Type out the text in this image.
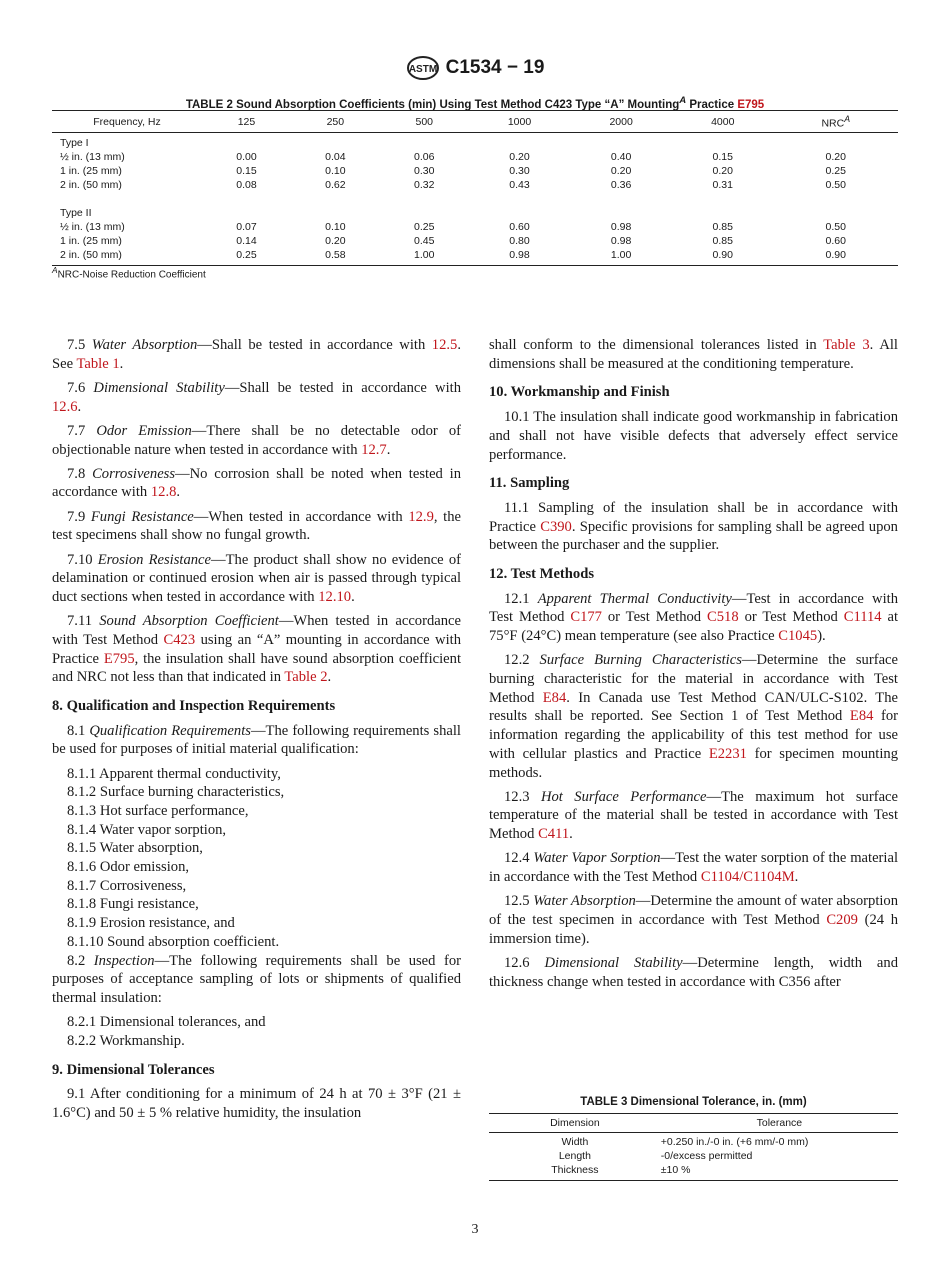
ASTM C1534 − 19
TABLE 2 Sound Absorption Coefficients (min) Using Test Method C423 Type “A” Mounting$^A$ Practice E795
Frequency, Hz	125	250	500	1000	2000	4000	$NRC^A$
Type I							
½ in. (13 mm)	0.00	0.04	0.06	0.20	0.40	0.15	0.20
1 in. (25 mm)	0.15	0.10	0.30	0.30	0.20	0.20	0.25
2 in. (50 mm)	0.08	0.62	0.32	0.43	0.36	0.31	0.50

Type II							
½ in. (13 mm)	0.07	0.10	0.25	0.60	0.98	0.85	0.50
1 in. (25 mm)	0.14	0.20	0.45	0.80	0.98	0.85	0.60
2 in. (50 mm)	0.25	0.58	1.00	0.98	1.00	0.90	0.90
$^A$NRC-Noise Reduction Coefficient

7.5 Water Absorption—Shall be tested in accordance with 12.5. See Table 1.

7.6 Dimensional Stability—Shall be tested in accordance with 12.6.

7.7 Odor Emission—There shall be no detectable odor of objectionable nature when tested in accordance with 12.7.

7.8 Corrosiveness—No corrosion shall be noted when tested in accordance with 12.8.

7.9 Fungi Resistance—When tested in accordance with 12.9, the test specimens shall show no fungal growth.

7.10 Erosion Resistance—The product shall show no evidence of delamination or continued erosion when air is passed through typical duct sections when tested in accordance with 12.10.

7.11 Sound Absorption Coefficient—When tested in accordance with Test Method C423 using an “A” mounting in accordance with Practice E795, the insulation shall have sound absorption coefficient and NRC not less than that indicated in Table 2.

8. Qualification and Inspection Requirements

8.1 Qualification Requirements—The following requirements shall be used for purposes of initial material qualification:

8.1.1 Apparent thermal conductivity,

8.1.2 Surface burning characteristics,

8.1.3 Hot surface performance,

8.1.4 Water vapor sorption,

8.1.5 Water absorption,

8.1.6 Odor emission,

8.1.7 Corrosiveness,

8.1.8 Fungi resistance,

8.1.9 Erosion resistance, and

8.1.10 Sound absorption coefficient.

8.2 Inspection—The following requirements shall be used for purposes of acceptance sampling of lots or shipments of qualified thermal insulation:

8.2.1 Dimensional tolerances, and

8.2.2 Workmanship.

9. Dimensional Tolerances

9.1 After conditioning for a minimum of 24 h at 70 ± 3°F (21 ± 1.6°C) and 50 ± 5 % relative humidity, the insulation

shall conform to the dimensional tolerances listed in Table 3. All dimensions shall be measured at the conditioning temperature.

10. Workmanship and Finish

10.1 The insulation shall indicate good workmanship in fabrication and shall not have visible defects that adversely effect service performance.

11. Sampling

11.1 Sampling of the insulation shall be in accordance with Practice C390. Specific provisions for sampling shall be agreed upon between the purchaser and the supplier.

12. Test Methods

12.1 Apparent Thermal Conductivity—Test in accordance with Test Method C177 or Test Method C518 or Test Method C1114 at 75°F (24°C) mean temperature (see also Practice C1045).

12.2 Surface Burning Characteristics—Determine the surface burning characteristic for the material in accordance with Test Method E84. In Canada use Test Method CAN/ULC-S102. The results shall be reported. See Section 1 of Test Method E84 for information regarding the applicability of this test method for use with cellular plastics and Practice E2231 for specimen mounting methods.

12.3 Hot Surface Performance—The maximum hot surface temperature of the material shall be tested in accordance with Test Method C411.

12.4 Water Vapor Sorption—Test the water sorption of the material in accordance with the Test Method C1104/C1104M.

12.5 Water Absorption—Determine the amount of water absorption of the test specimen in accordance with Test Method C209 (24 h immersion time).

12.6 Dimensional Stability—Determine length, width and thickness change when tested in accordance with C356 after

TABLE 3 Dimensional Tolerance, in. (mm)
Dimension	Tolerance
Width	+0.250 in./-0 in. (+6 mm/-0 mm)
Length	-0/excess permitted
Thickness	±10 %
3
